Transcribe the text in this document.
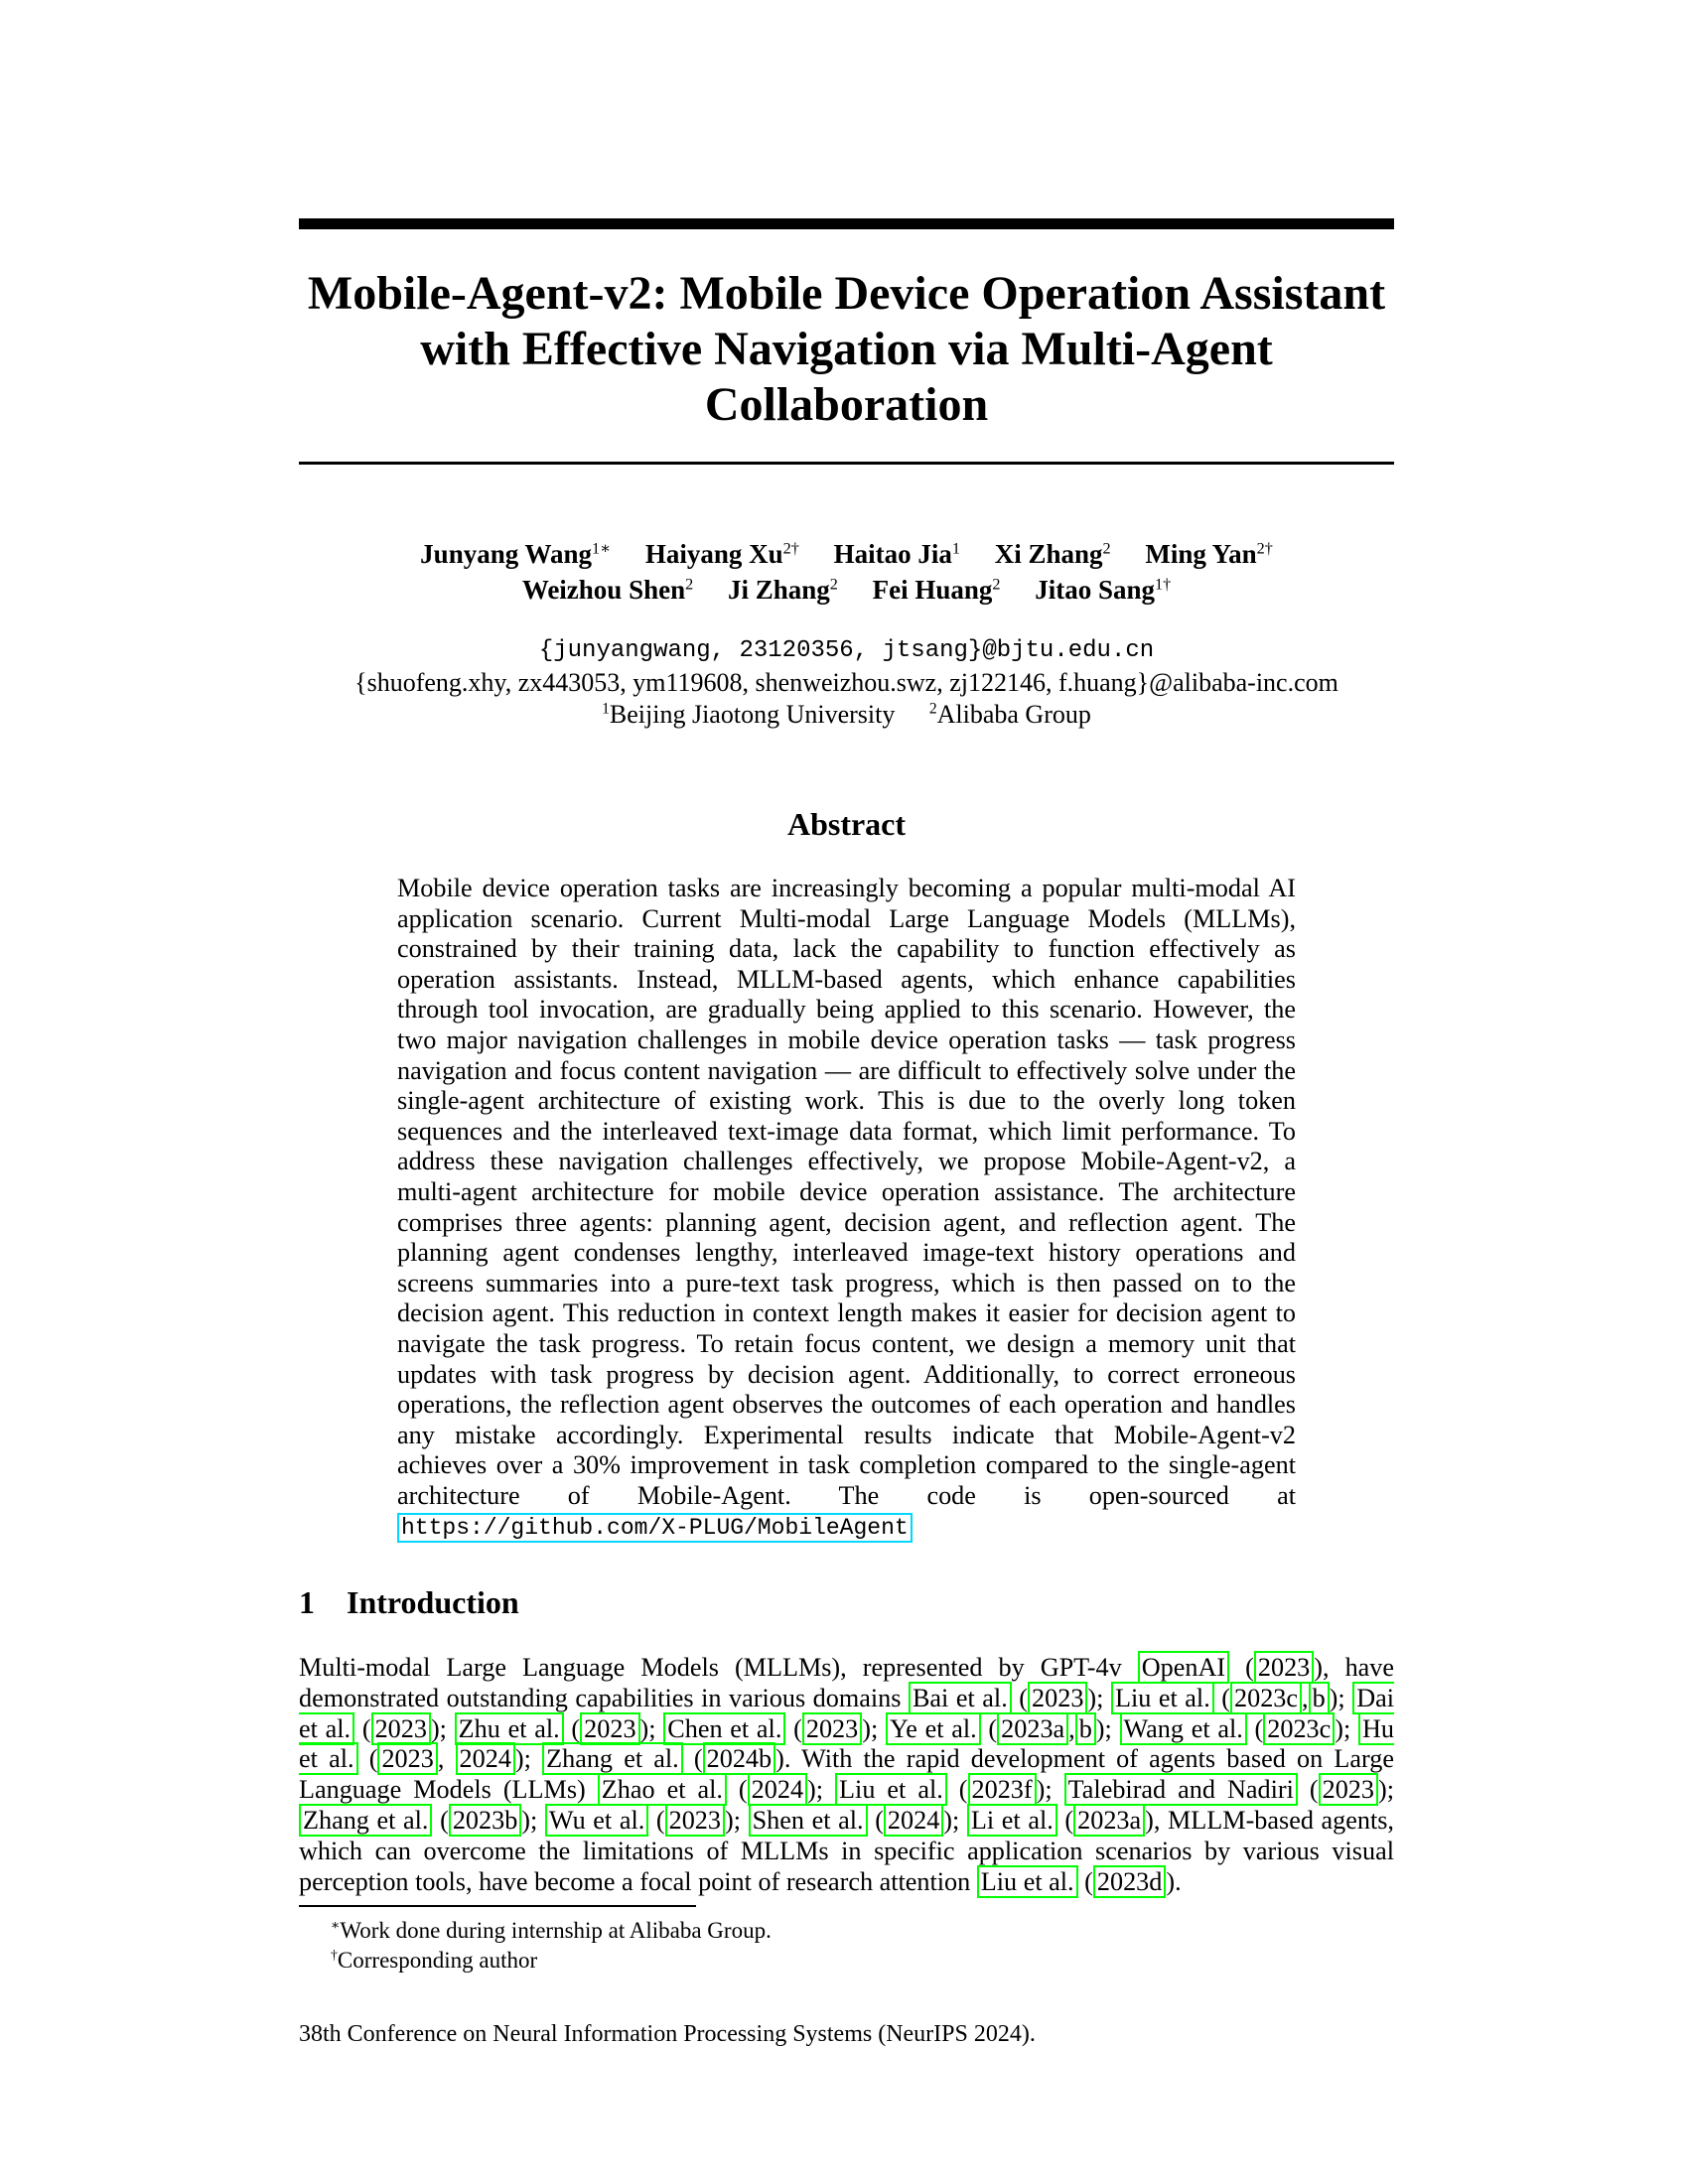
Mobile-Agent-v2: Mobile Device Operation Assistant with Effective Navigation via Multi-Agent Collaboration
Junyang Wang$^{1∗}$ Haiyang $Xu^{2\dagger}$ Haitao Jia$^1$ Xi Zhang$^2$ Ming Yan$^{2\dagger}$
Weizhou Shen$^2$ Ji Zhang$^2$ Fei Huang$^2$ Jitao Sang$^{1\dagger}$
{junyangwang, 23120356, jtsang}@bjtu.edu.cn
{shuofeng.xhy, zx443053, ym119608, shenweizhou.swz, zj122146, f.huang}@alibaba-inc.com
$^1$Beijing Jiaotong University $^2$Alibaba Group
Abstract
Mobile device operation tasks are increasingly becoming a popular multi-modal AI application scenario. Current Multi-modal Large Language Models (MLLMs), constrained by their training data, lack the capability to function effectively as operation assistants. Instead, MLLM-based agents, which enhance capabilities through tool invocation, are gradually being applied to this scenario. However, the two major navigation challenges in mobile device operation tasks — task progress navigation and focus content navigation — are difficult to effectively solve under the single-agent architecture of existing work. This is due to the overly long token sequences and the interleaved text-image data format, which limit performance. To address these navigation challenges effectively, we propose Mobile-Agent-v2, a multi-agent architecture for mobile device operation assistance. The architecture comprises three agents: planning agent, decision agent, and reflection agent. The planning agent condenses lengthy, interleaved image-text history operations and screens summaries into a pure-text task progress, which is then passed on to the decision agent. This reduction in context length makes it easier for decision agent to navigate the task progress. To retain focus content, we design a memory unit that updates with task progress by decision agent. Additionally, to correct erroneous operations, the reflection agent observes the outcomes of each operation and handles any mistake accordingly. Experimental results indicate that Mobile-Agent-v2 achieves over a 30% improvement in task completion compared to the single-agent architecture of Mobile-Agent. The code is open-sourced at https://github.com/X-PLUG/MobileAgent
1 Introduction
Multi-modal Large Language Models (MLLMs), represented by GPT-4v OpenAI ( 2023 ), have demonstrated outstanding capabilities in various domains Bai et al. ( 2023 ); Liu et al. ( 2023c , b ); Dai et al. ( 2023 ); Zhu et al. ( 2023 ); Chen et al. ( 2023 ); Ye et al. ( 2023a , b ); Wang et al. ( 2023c ); Hu et al. ( 2023 , 2024 ); Zhang et al. ( 2024b ). With the rapid development of agents based on Large Language Models (LLMs) Zhao et al. ( 2024 ); Liu et al. ( 2023f ); Talebirad and Nadiri ( 2023 ); Zhang et al. ( 2023b ); Wu et al. ( 2023 ); Shen et al. ( 2024 ); Li et al. ( 2023a ), MLLM-based agents, which can overcome the limitations of MLLMs in specific application scenarios by various visual perception tools, have become a focal point of research attention Liu et al. ( 2023d ).
∗Work done during internship at Alibaba Group.
†Corresponding author
38th Conference on Neural Information Processing Systems (NeurIPS 2024).
